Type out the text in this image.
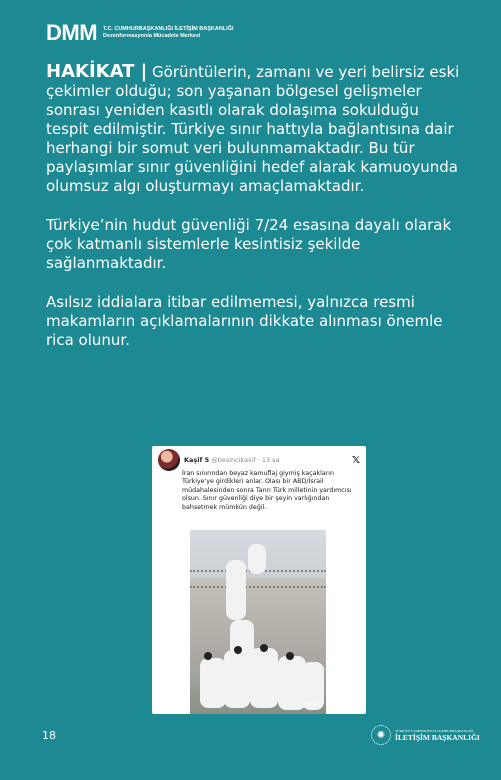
DMM T.C. CUMHURBAŞKANLIĞI İLETİŞİM BAŞKANLIĞI
Dezenformasyonla Mücadele Merkezi

HAKİKAT | Görüntülerin, zamanı ve yeri belirsiz eski çekimler olduğu; son yaşanan bölgesel gelişmeler sonrası yeniden kasıtlı olarak dolaşıma sokulduğu tespit edilmiştir. Türkiye sınır hattıyla bağlantısına dair herhangi bir somut veri bulunmamaktadır. Bu tür paylaşımlar sınır güvenliğini hedef alarak kamuoyunda olumsuz algı oluşturmayı amaçlamaktadır.

Türkiye’nin hudut güvenliği 7/24 esasına dayalı olarak çok katmanlı sistemlerle kesintisiz şekilde sağlanmaktadır.

Asılsız iddialara itibar edilmemesi, yalnızca resmi makamların açıklamalarının dikkate alınması önemle rica olunur.

Kaşif 5 @besincikasif · 13 sa	𝕏
İran sınırından beyaz kamuflaj giymiş kaçakların Türkiye'ye girdikleri anlar. Olası bir ABD/İsrail müdahalesinden sonra Tanrı Türk milletinin yardımcısı olsun. Sınır güvenliği diye bir şeyin varlığından bahsetmek mümkün değil.
TikTok
18	✺	TÜRKİYE CUMHURİYETİ CUMHURBAŞKANLIĞI
İLETİŞİM BAŞKANLIĞI
